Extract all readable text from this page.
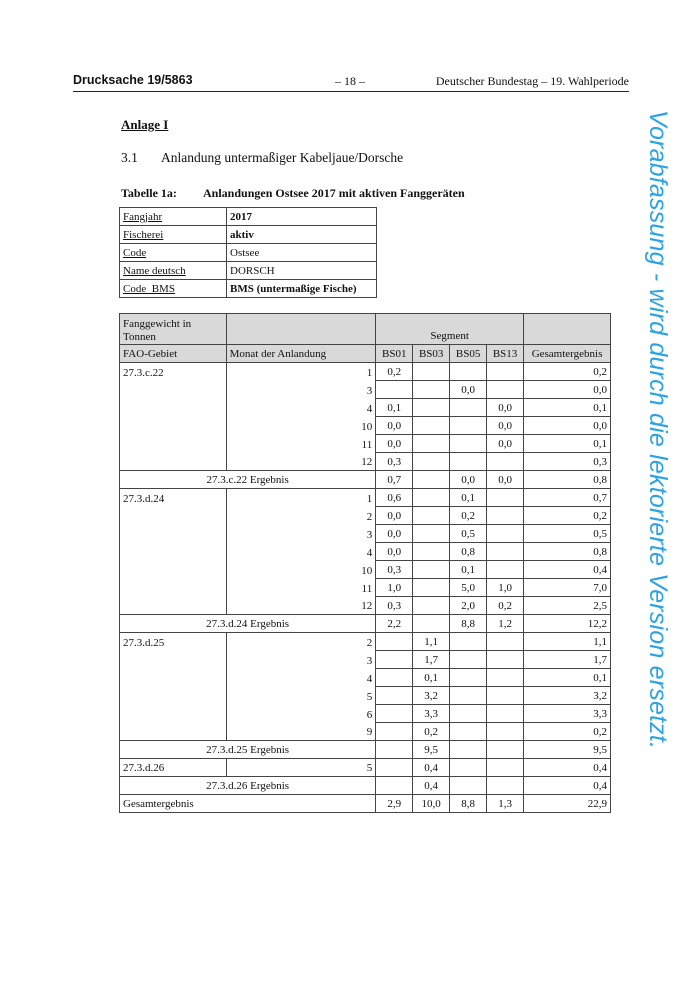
Drucksache 19/5863	– 18 –	Deutscher Bundestag – 19. Wahlperiode
Vorabfassung - wird durch die lektorierte Version ersetzt.
Anlage I
3.1 Anlandung untermaßiger Kabeljaue/Dorsche
Tabelle 1a: Anlandungen Ostsee 2017 mit aktiven Fanggeräten
Fangjahr	2017
Fischerei	aktiv
Code	Ostsee
Name deutsch	DORSCH
Code_BMS	BMS (untermaßige Fische)
Fanggewicht in Tonnen		Segment				
FAO-Gebiet	Monat der Anlandung	BS01	BS03	BS05	BS13	Gesamtergebnis
27.3.c.22	1	0,2				0,2
	3			0,0		0,0
	4	0,1			0,0	0,1
	10	0,0			0,0	0,0
	11	0,0			0,0	0,1
	12	0,3				0,3
27.3.c.22 Ergebnis		0,7		0,0	0,0	0,8
27.3.d.24	1	0,6		0,1		0,7
	2	0,0		0,2		0,2
	3	0,0		0,5		0,5
	4	0,0		0,8		0,8
	10	0,3		0,1		0,4
	11	1,0		5,0	1,0	7,0
	12	0,3		2,0	0,2	2,5
27.3.d.24 Ergebnis		2,2		8,8	1,2	12,2
27.3.d.25	2		1,1			1,1
	3		1,7			1,7
	4		0,1			0,1
	5		3,2			3,2
	6		3,3			3,3
	9		0,2			0,2
27.3.d.25 Ergebnis			9,5			9,5
27.3.d.26	5		0,4			0,4
27.3.d.26 Ergebnis			0,4			0,4
Gesamtergebnis		2,9	10,0	8,8	1,3	22,9
